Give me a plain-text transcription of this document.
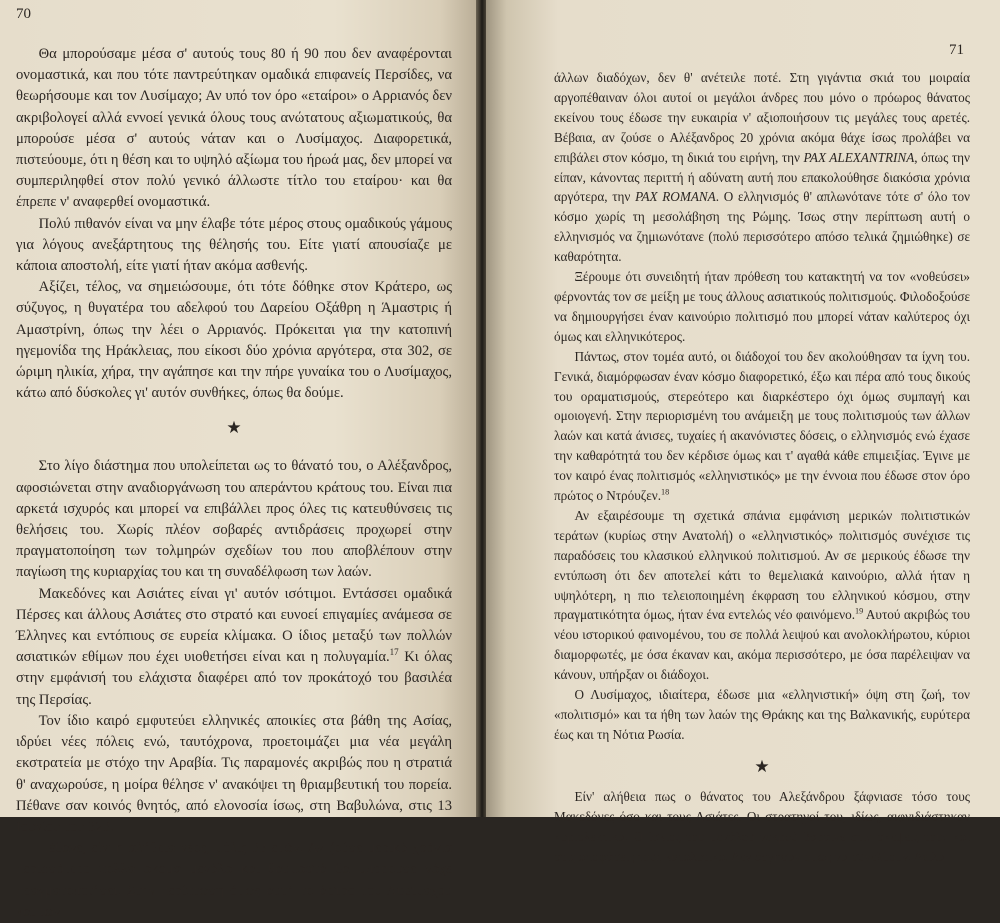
70

Θα μπορούσαμε μέσα σ' αυτούς τους 80 ή 90 που δεν αναφέρονται ονομαστικά, και που τότε παντρεύτηκαν ομαδικά επιφανείς Περσίδες, να θεωρήσουμε και τον Λυσίμαχο; Αν υπό τον όρο «εταίροι» ο Αρριανός δεν ακριβολογεί αλλά εννοεί γενικά όλους τους ανώτατους αξιωματικούς, θα μπορούσε μέσα σ' αυτούς νάταν και ο Λυσίμαχος. Διαφορετικά, πιστεύουμε, ότι η θέση και το υψηλό αξίωμα του ήρωά μας, δεν μπορεί να συμπεριληφθεί στον πολύ γενικό άλλωστε τίτλο του εταίρου· και θα έπρεπε ν' αναφερθεί ονομαστικά.

Πολύ πιθανόν είναι να μην έλαβε τότε μέρος στους ομαδικούς γάμους για λόγους ανεξάρτητους της θέλησής του. Είτε γιατί απουσίαζε με κάποια αποστολή, είτε γιατί ήταν ακόμα ασθενής.

Αξίζει, τέλος, να σημειώσουμε, ότι τότε δόθηκε στον Κράτερο, ως σύζυγος, η θυγατέρα του αδελφού του Δαρείου Οξάθρη η Άμαστρις ή Αμαστρίνη, όπως την λέει ο Αρριανός. Πρόκειται για την κατοπινή ηγεμονίδα της Ηράκλειας, που είκοσι δύο χρόνια αργότερα, στα 302, σε ώριμη ηλικία, χήρα, την αγάπησε και την πήρε γυναίκα του ο Λυσίμαχος, κάτω από δύσκολες γι' αυτόν συνθήκες, όπως θα δούμε.

★

Στο λίγο διάστημα που υπολείπεται ως το θάνατό του, ο Αλέξανδρος, αφοσιώνεται στην αναδιοργάνωση του απεράντου κράτους του. Είναι πια αρκετά ισχυρός και μπορεί να επιβάλλει προς όλες τις κατευθύνσεις τις θελήσεις του. Χωρίς πλέον σοβαρές αντιδράσεις προχωρεί στην πραγματοποίηση των τολμηρών σχεδίων του που αποβλέπουν στην παγίωση της κυριαρχίας του και τη συναδέλφωση των λαών.

Μακεδόνες και Ασιάτες είναι γι' αυτόν ισότιμοι. Εντάσσει ομαδικά Πέρσες και άλλους Ασιάτες στο στρατό και ευνοεί επιγαμίες ανάμεσα σε Έλληνες και εντόπιους σε ευρεία κλίμακα. Ο ίδιος μεταξύ των πολλών ασιατικών εθίμων που έχει υιοθετήσει είναι και η πολυγαμία.$^{17}$ Κι όλας στην εμφάνισή του ελάχιστα διαφέρει από τον προκάτοχό του βασιλέα της Περσίας.

Τον ίδιο καιρό εμφυτεύει ελληνικές αποικίες στα βάθη της Ασίας, ιδρύει νέες πόλεις ενώ, ταυτόχρονα, προετοιμάζει μια νέα μεγάλη εκστρατεία με στόχο την Αραβία. Τις παραμονές ακριβώς που η στρατιά θ' αναχωρούσε, η μοίρα θέλησε ν' ανακόψει τη θριαμβευτική του πορεία. Πέθανε σαν κοινός θνητός, από ελονοσία ίσως, στη Βαβυλώνα, στις 13 Ιουνίου του 323.

Πέθανε, είν' η αλήθεια νέος, μόλις 33 ετών. Αν ζούσε μερικά χρόνια περισσότερο πολλά ακόμα μεγάλα και θαυμαστά θα μπορούσε νάχε πραγματοποιήσει. Στην περίπτωση όμως αυτή το άστρο του Λυσιμάχου και των

71

άλλων διαδόχων, δεν θ' ανέτειλε ποτέ. Στη γιγάντια σκιά του μοιραία αργοπέθαιναν όλοι αυτοί οι μεγάλοι άνδρες που μόνο ο πρόωρος θάνατος εκείνου τους έδωσε την ευκαιρία ν' αξιοποιήσουν τις μεγάλες τους αρετές. Βέβαια, αν ζούσε ο Αλέξανδρος 20 χρόνια ακόμα θάχε ίσως προλάβει να επιβάλει στον κόσμο, τη δικιά του ειρήνη, την PAX ALEXANTRINA, όπως την είπαν, κάνοντας περιττή ή αδύνατη αυτή που επακολούθησε διακόσια χρόνια αργότερα, την PAX ROMANA. Ο ελληνισμός θ' απλωνότανε τότε σ' όλο τον κόσμο χωρίς τη μεσολάβηση της Ρώμης. Ίσως στην περίπτωση αυτή ο ελληνισμός να ζημιωνότανε (πολύ περισσότερο απόσο τελικά ζημιώθηκε) σε καθαρότητα.

Ξέρουμε ότι συνειδητή ήταν πρόθεση του κατακτητή να τον «νοθεύσει» φέρνοντάς τον σε μείξη με τους άλλους ασιατικούς πολιτισμούς. Φιλοδοξούσε να δημιουργήσει έναν καινούριο πολιτισμό που μπορεί νάταν καλύτερος όχι όμως και ελληνικότερος.

Πάντως, στον τομέα αυτό, οι διάδοχοί του δεν ακολούθησαν τα ίχνη του. Γενικά, διαμόρφωσαν έναν κόσμο διαφορετικό, έξω και πέρα από τους δικούς του οραματισμούς, στερεότερο και διαρκέστερο όχι όμως συμπαγή και ομοιογενή. Στην περιορισμένη του ανάμειξη με τους πολιτισμούς των άλλων λαών και κατά άνισες, τυχαίες ή ακανόνιστες δόσεις, ο ελληνισμός ενώ έχασε την καθαρότητά του δεν κέρδισε όμως και τ' αγαθά κάθε επιμειξίας. Έγινε με τον καιρό ένας πολιτισμός «ελληνιστικός» με την έννοια που έδωσε στον όρο πρώτος ο Ντρόυζεν.$^{18}$

Αν εξαιρέσουμε τη σχετικά σπάνια εμφάνιση μερικών πολιτιστικών τεράτων (κυρίως στην Ανατολή) ο «ελληνιστικός» πολιτισμός συνέχισε τις παραδόσεις του κλασικού ελληνικού πολιτισμού. Αν σε μερικούς έδωσε την εντύπωση ότι δεν αποτελεί κάτι το θεμελιακά καινούριο, αλλά ήταν η υψηλότερη, η πιο τελειοποιημένη έκφραση του ελληνικού κόσμου, στην πραγματικότητα όμως, ήταν ένα εντελώς νέο φαινόμενο.$^{19}$ Αυτού ακριβώς του νέου ιστορικού φαινομένου, του σε πολλά λειψού και ανολοκλήρωτου, κύριοι διαμορφωτές, με όσα έκαναν και, ακόμα περισσότερο, με όσα παρέλειψαν να κάνουν, υπήρξαν οι διάδοχοι.

Ο Λυσίμαχος, ιδιαίτερα, έδωσε μια «ελληνιστική» όψη στη ζωή, τον «πολιτισμό» και τα ήθη των λαών της Θράκης και της Βαλκανικής, ευρύτερα έως και τη Νότια Ρωσία.

★

Είν' αλήθεια πως ο θάνατος του Αλεξάνδρου ξάφνιασε τόσο τους Μακεδόνες όσο και τους Ασιάτες. Οι στρατηγοί του, ιδίως, αιφνιδιάστηκαν κυριολεκτικά. Ο ίσκιος του μεγάλου νεκρού βάραινε στις σκέψεις τους και στις αποφάσεις τους καταλυτικά. Δεν άργησαν όμως να συνέλθουν. Δειλά
